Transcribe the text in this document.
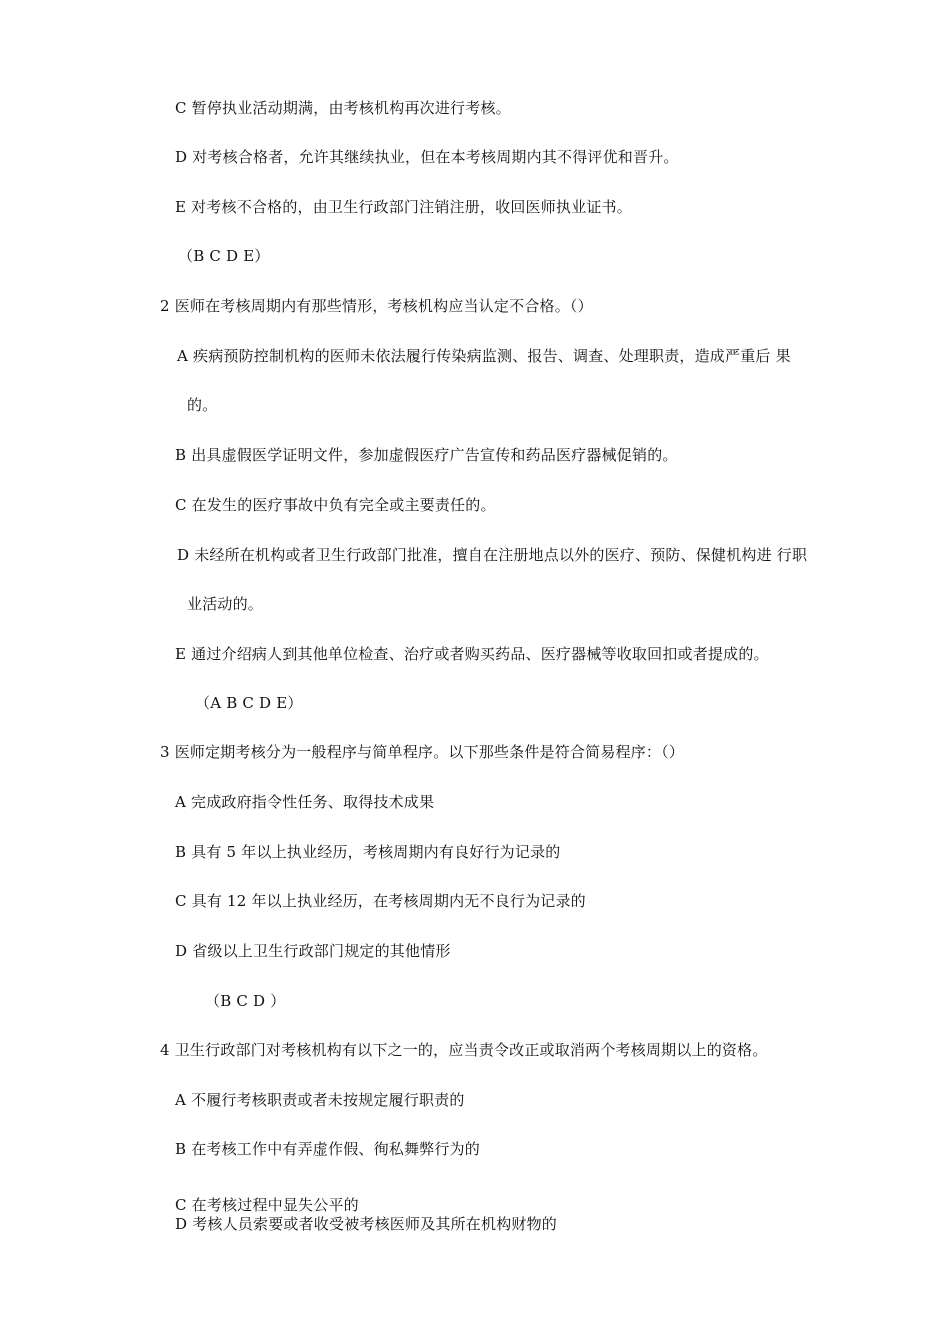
C 暂停执业活动期满，由考核机构再次进行考核。
D 对考核合格者，允许其继续执业，但在本考核周期内其不得评优和晋升。
E 对考核不合格的，由卫生行政部门注销注册，收回医师执业证书。
（B C D E）
2 医师在考核周期内有那些情形，考核机构应当认定不合格。（）
A 疾病预防控制机构的医师未依法履行传染病监测、报告、调查、处理职责，造成严重后 果
的。
B 出具虚假医学证明文件，参加虚假医疗广告宣传和药品医疗器械促销的。
C 在发生的医疗事故中负有完全或主要责任的。
D 未经所在机构或者卫生行政部门批准，擅自在注册地点以外的医疗、预防、保健机构进 行职
业活动的。
E 通过介绍病人到其他单位检查、治疗或者购买药品、医疗器械等收取回扣或者提成的。
（A B C D E）
3 医师定期考核分为一般程序与简单程序。以下那些条件是符合简易程序：（）
A 完成政府指令性任务、取得技术成果
B 具有 5 年以上执业经历，考核周期内有良好行为记录的
C 具有 12 年以上执业经历，在考核周期内无不良行为记录的
D 省级以上卫生行政部门规定的其他情形
（B C D ）
4 卫生行政部门对考核机构有以下之一的，应当责令改正或取消两个考核周期以上的资格。
A 不履行考核职责或者未按规定履行职责的
B 在考核工作中有弄虚作假、徇私舞弊行为的
C 在考核过程中显失公平的
D 考核人员索要或者收受被考核医师及其所在机构财物的
